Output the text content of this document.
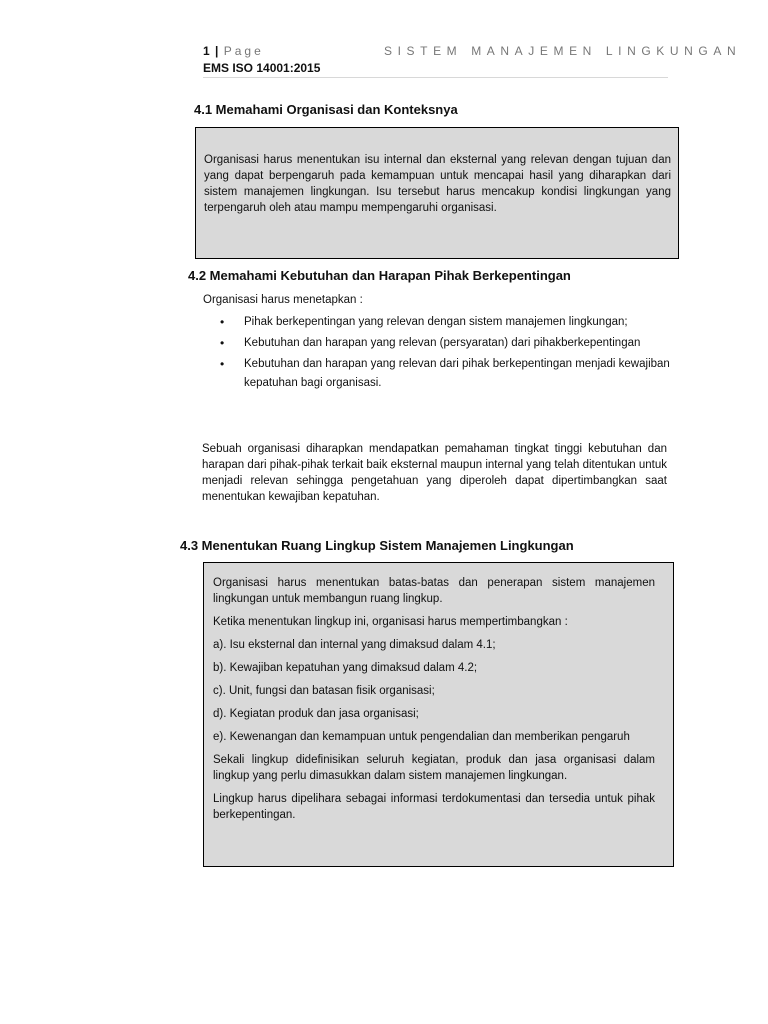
1 | Page	SISTEM MANAJEMEN LINGKUNGAN
EMS ISO 14001:2015
4.1 Memahami Organisasi dan Konteksnya

Organisasi harus menentukan isu internal dan eksternal yang relevan dengan tujuan dan yang dapat berpengaruh pada kemampuan untuk mencapai hasil yang diharapkan dari sistem manajemen lingkungan. Isu tersebut harus mencakup kondisi lingkungan yang terpengaruh oleh atau mampu mempengaruhi organisasi.

4.2 Memahami Kebutuhan dan Harapan Pihak Berkepentingan

Organisasi harus menetapkan :

• Pihak berkepentingan yang relevan dengan sistem manajemen lingkungan;
• Kebutuhan dan harapan yang relevan (persyaratan) dari pihakberkepentingan
• Kebutuhan dan harapan yang relevan dari pihak berkepentingan menjadi kewajiban kepatuhan bagi organisasi.

Sebuah organisasi diharapkan mendapatkan pemahaman tingkat tinggi kebutuhan dan harapan dari pihak-pihak terkait baik eksternal maupun internal yang telah ditentukan untuk menjadi relevan sehingga pengetahuan yang diperoleh dapat dipertimbangkan saat menentukan kewajiban kepatuhan.

4.3 Menentukan Ruang Lingkup Sistem Manajemen Lingkungan

Organisasi harus menentukan batas-batas dan penerapan sistem manajemen lingkungan untuk membangun ruang lingkup.

Ketika menentukan lingkup ini, organisasi harus mempertimbangkan :

a). Isu eksternal dan internal yang dimaksud dalam 4.1;

b). Kewajiban kepatuhan yang dimaksud dalam 4.2;

c). Unit, fungsi dan batasan fisik organisasi;

d). Kegiatan produk dan jasa organisasi;

e). Kewenangan dan kemampuan untuk pengendalian dan memberikan pengaruh

Sekali lingkup didefinisikan seluruh kegiatan, produk dan jasa organisasi dalam lingkup yang perlu dimasukkan dalam sistem manajemen lingkungan.

Lingkup harus dipelihara sebagai informasi terdokumentasi dan tersedia untuk pihak berkepentingan.
